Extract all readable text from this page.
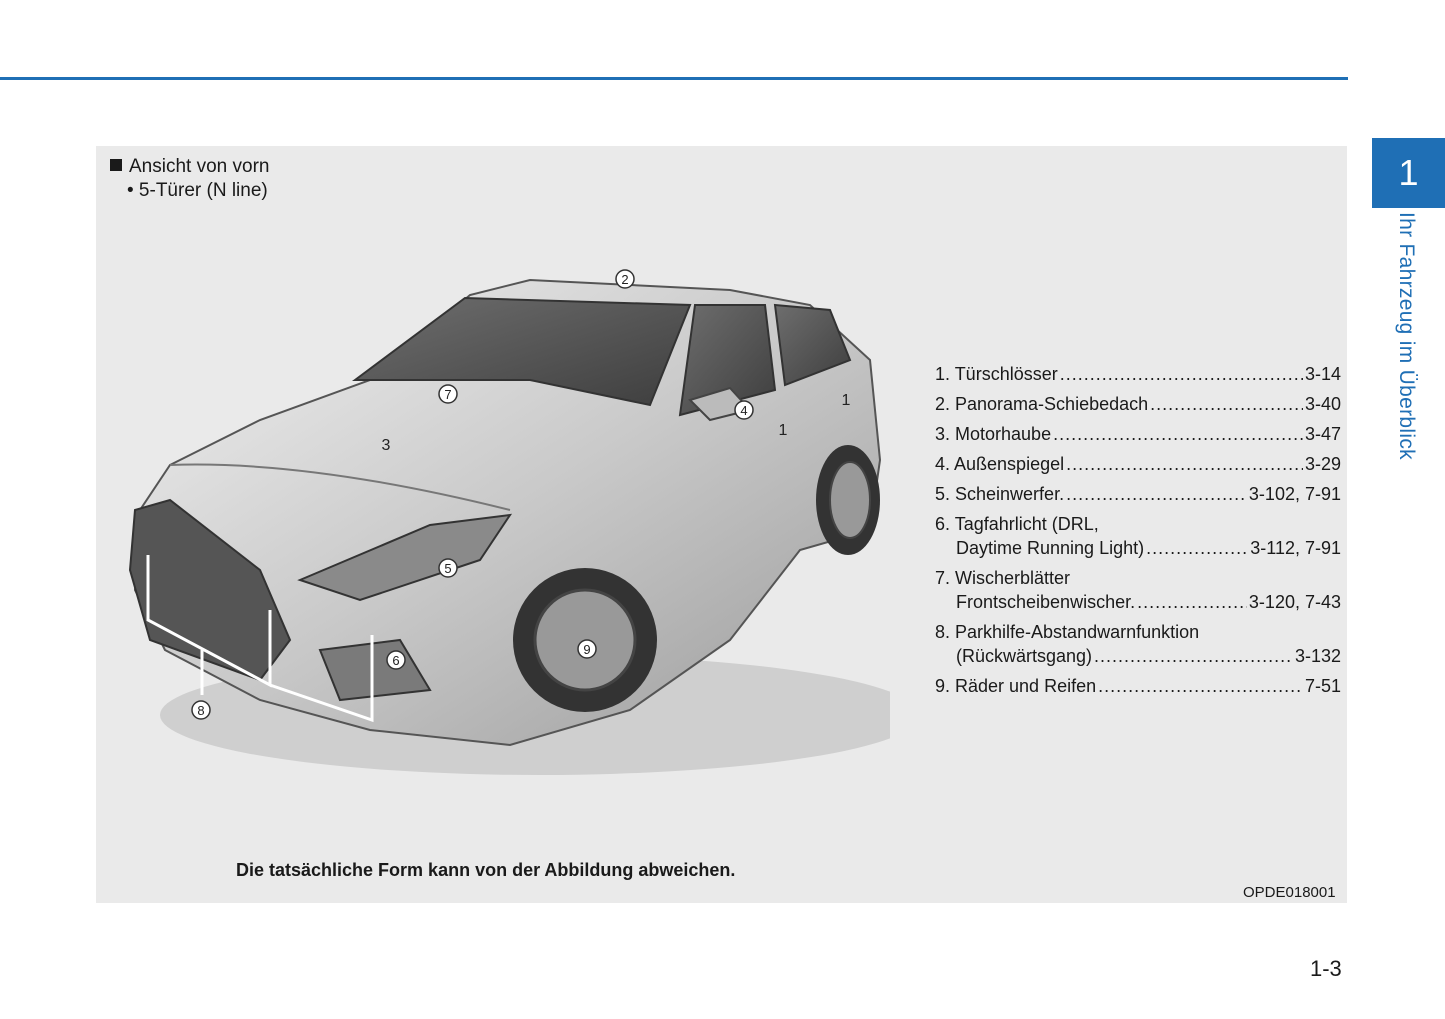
1
Ihr Fahrzeug im Überblick
Ansicht von vorn
• 5-Türer (N line)
2
7
3
4
1
1
5
6
9
8
1. Türschlösser .....	3-14
2. Panorama-Schiebedach .....	3-40
3. Motorhaube .....	3-47
4. Außenspiegel .....	3-29
5. Scheinwerfer. .....	3-102, 7-91
6. Tagfahrlicht (DRL,
Daytime Running Light) .....	3-112, 7-91
7. Wischerblätter
Frontscheibenwischer. .....	3-120, 7-43
8. Parkhilfe-Abstandwarnfunktion
(Rückwärtsgang) .....	3-132
9. Räder und Reifen .....	7-51
Die tatsächliche Form kann von der Abbildung abweichen.
OPDE018001
1-3
